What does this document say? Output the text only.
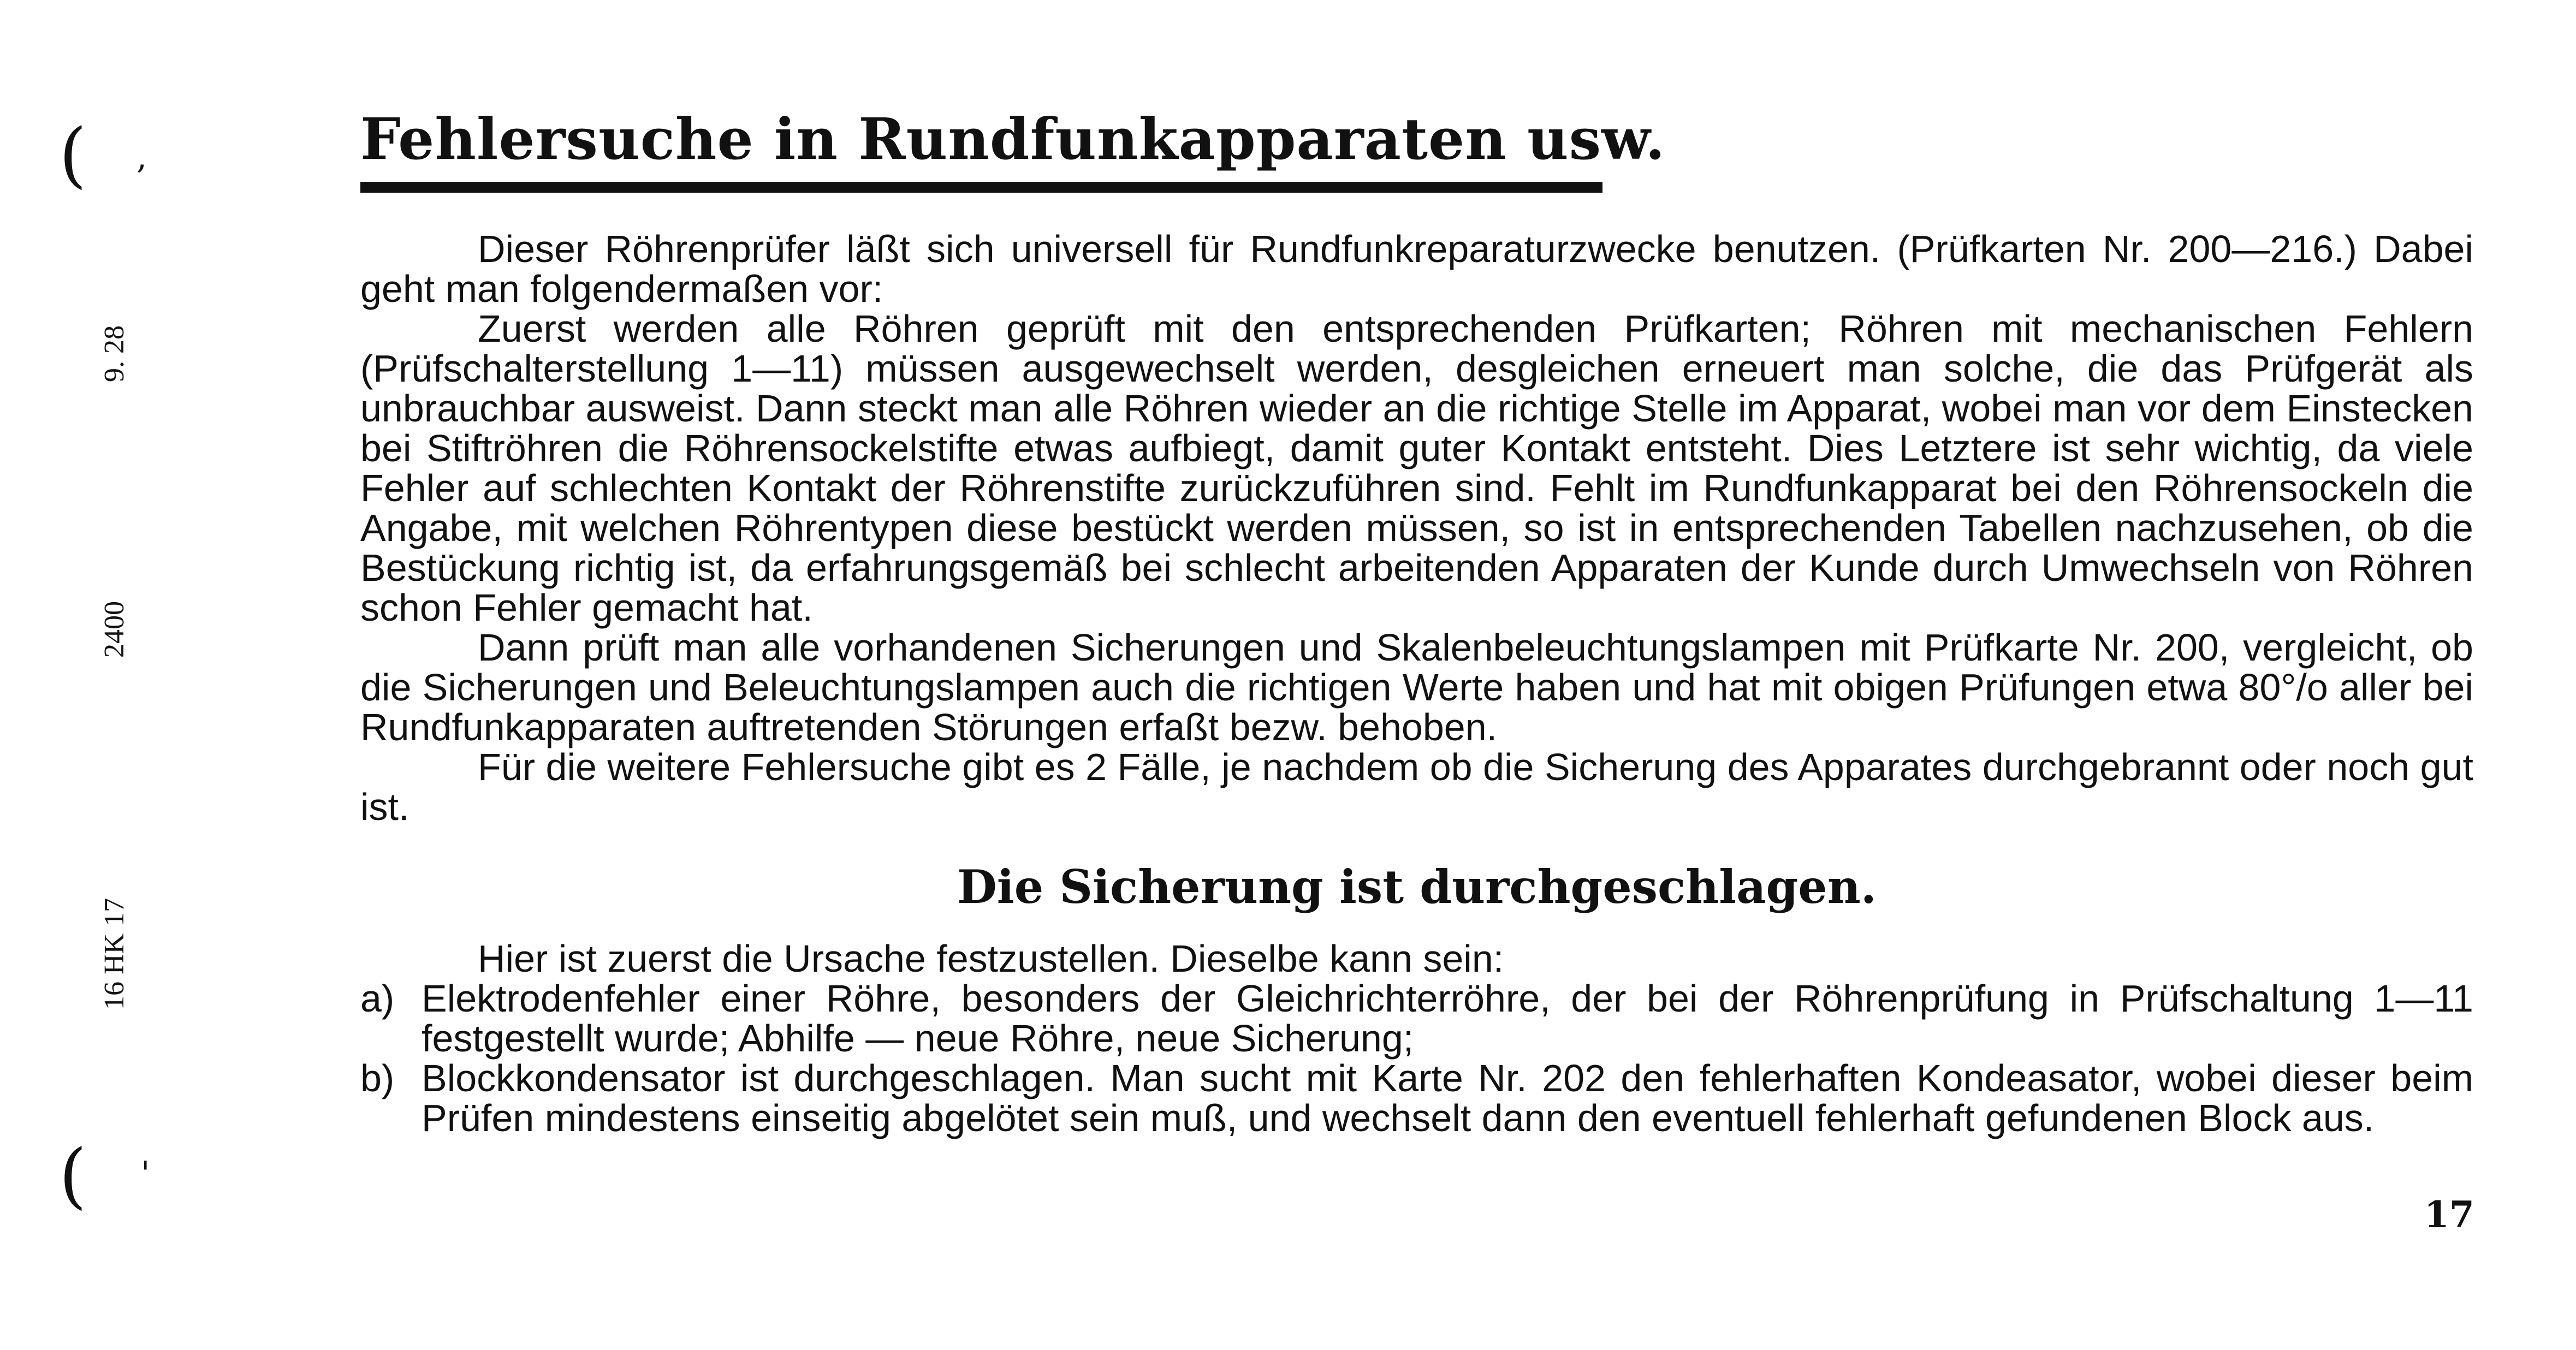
( ,
( '
9. 28
2400
16 HK 17
Fehlersuche in Rundfunkapparaten usw.

Dieser Röhrenprüfer läßt sich universell für Rundfunkreparaturzwecke benutzen. (Prüfkarten Nr. 200—216.) Dabei geht man folgendermaßen vor:

Zuerst werden alle Röhren geprüft mit den entsprechenden Prüfkarten; Röhren mit mechanischen Fehlern (Prüfschalterstellung 1—11) müssen ausgewechselt werden, desgleichen erneuert man solche, die das Prüfgerät als unbrauchbar ausweist. Dann steckt man alle Röhren wieder an die richtige Stelle im Apparat, wobei man vor dem Einstecken bei Stiftröhren die Röhrensockelstifte etwas aufbiegt, damit guter Kontakt entsteht. Dies Letztere ist sehr wichtig, da viele Fehler auf schlechten Kontakt der Röhrenstifte zurückzuführen sind. Fehlt im Rundfunkapparat bei den Röhrensockeln die Angabe, mit welchen Röhrentypen diese bestückt werden müssen, so ist in entsprechenden Tabellen nachzusehen, ob die Bestückung richtig ist, da erfahrungsgemäß bei schlecht arbeitenden Apparaten der Kunde durch Umwechseln von Röhren schon Fehler gemacht hat.

Dann prüft man alle vorhandenen Sicherungen und Skalenbeleuchtungslampen mit Prüfkarte Nr. 200, vergleicht, ob die Sicherungen und Beleuchtungslampen auch die richtigen Werte haben und hat mit obigen Prüfungen etwa 80°/o aller bei Rundfunkapparaten auftretenden Störungen erfaßt bezw. behoben.

Für die weitere Fehlersuche gibt es 2 Fälle, je nachdem ob die Sicherung des Apparates durchgebrannt oder noch gut ist.

Die Sicherung ist durchgeschlagen.

Hier ist zuerst die Ursache festzustellen. Dieselbe kann sein:

a) Elektrodenfehler einer Röhre, besonders der Gleichrichterröhre, der bei der Röhrenprüfung in Prüfschaltung 1—11 festgestellt wurde; Abhilfe — neue Röhre, neue Sicherung;

b) Blockkondensator ist durchgeschlagen. Man sucht mit Karte Nr. 202 den fehlerhaften Kondeasator, wobei dieser beim Prüfen mindestens einseitig abgelötet sein muß, und wechselt dann den eventuell fehlerhaft gefundenen Block aus.

17
